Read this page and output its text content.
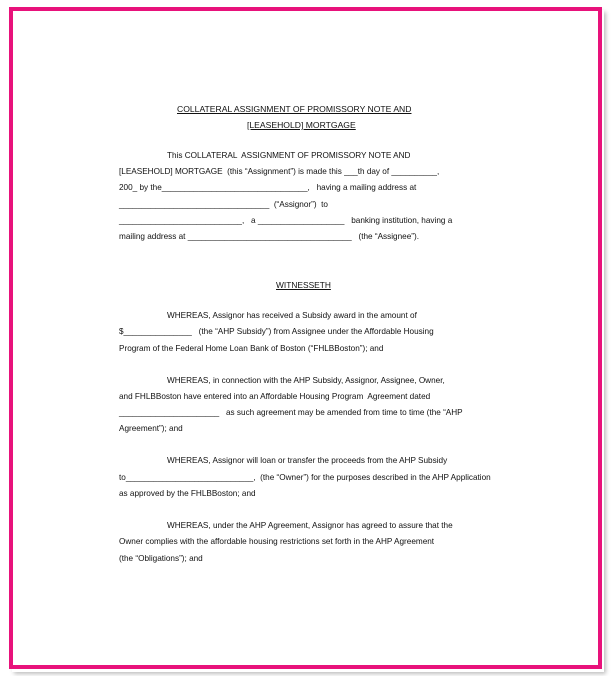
COLLATERAL ASSIGNMENT OF PROMISSORY NOTE AND
[LEASEHOLD] MORTGAGE
This COLLATERAL  ASSIGNMENT OF PROMISSORY NOTE AND
[LEASEHOLD] MORTGAGE  (this “Assignment”) is made this ___th day of __________,
200_ by the________________________________,   having a mailing address at
_________________________________  (“Assignor”)  to
___________________________,   a ___________________   banking institution, having a
mailing address at ____________________________________   (the “Assignee”).
WITNESSETH
WHEREAS, Assignor has received a Subsidy award in the amount of
$_______________   (the “AHP Subsidy”) from Assignee under the Affordable Housing
Program of the Federal Home Loan Bank of Boston (“FHLBBoston”); and
WHEREAS, in connection with the AHP Subsidy, Assignor, Assignee, Owner,
and FHLBBoston have entered into an Affordable Housing Program  Agreement dated
______________________   as such agreement may be amended from time to time (the “AHP
Agreement”); and
WHEREAS, Assignor will loan or transfer the proceeds from the AHP Subsidy
to____________________________,  (the “Owner”) for the purposes described in the AHP Application
as approved by the FHLBBoston; and
WHEREAS, under the AHP Agreement, Assignor has agreed to assure that the
Owner complies with the affordable housing restrictions set forth in the AHP Agreement
(the “Obligations”); and
